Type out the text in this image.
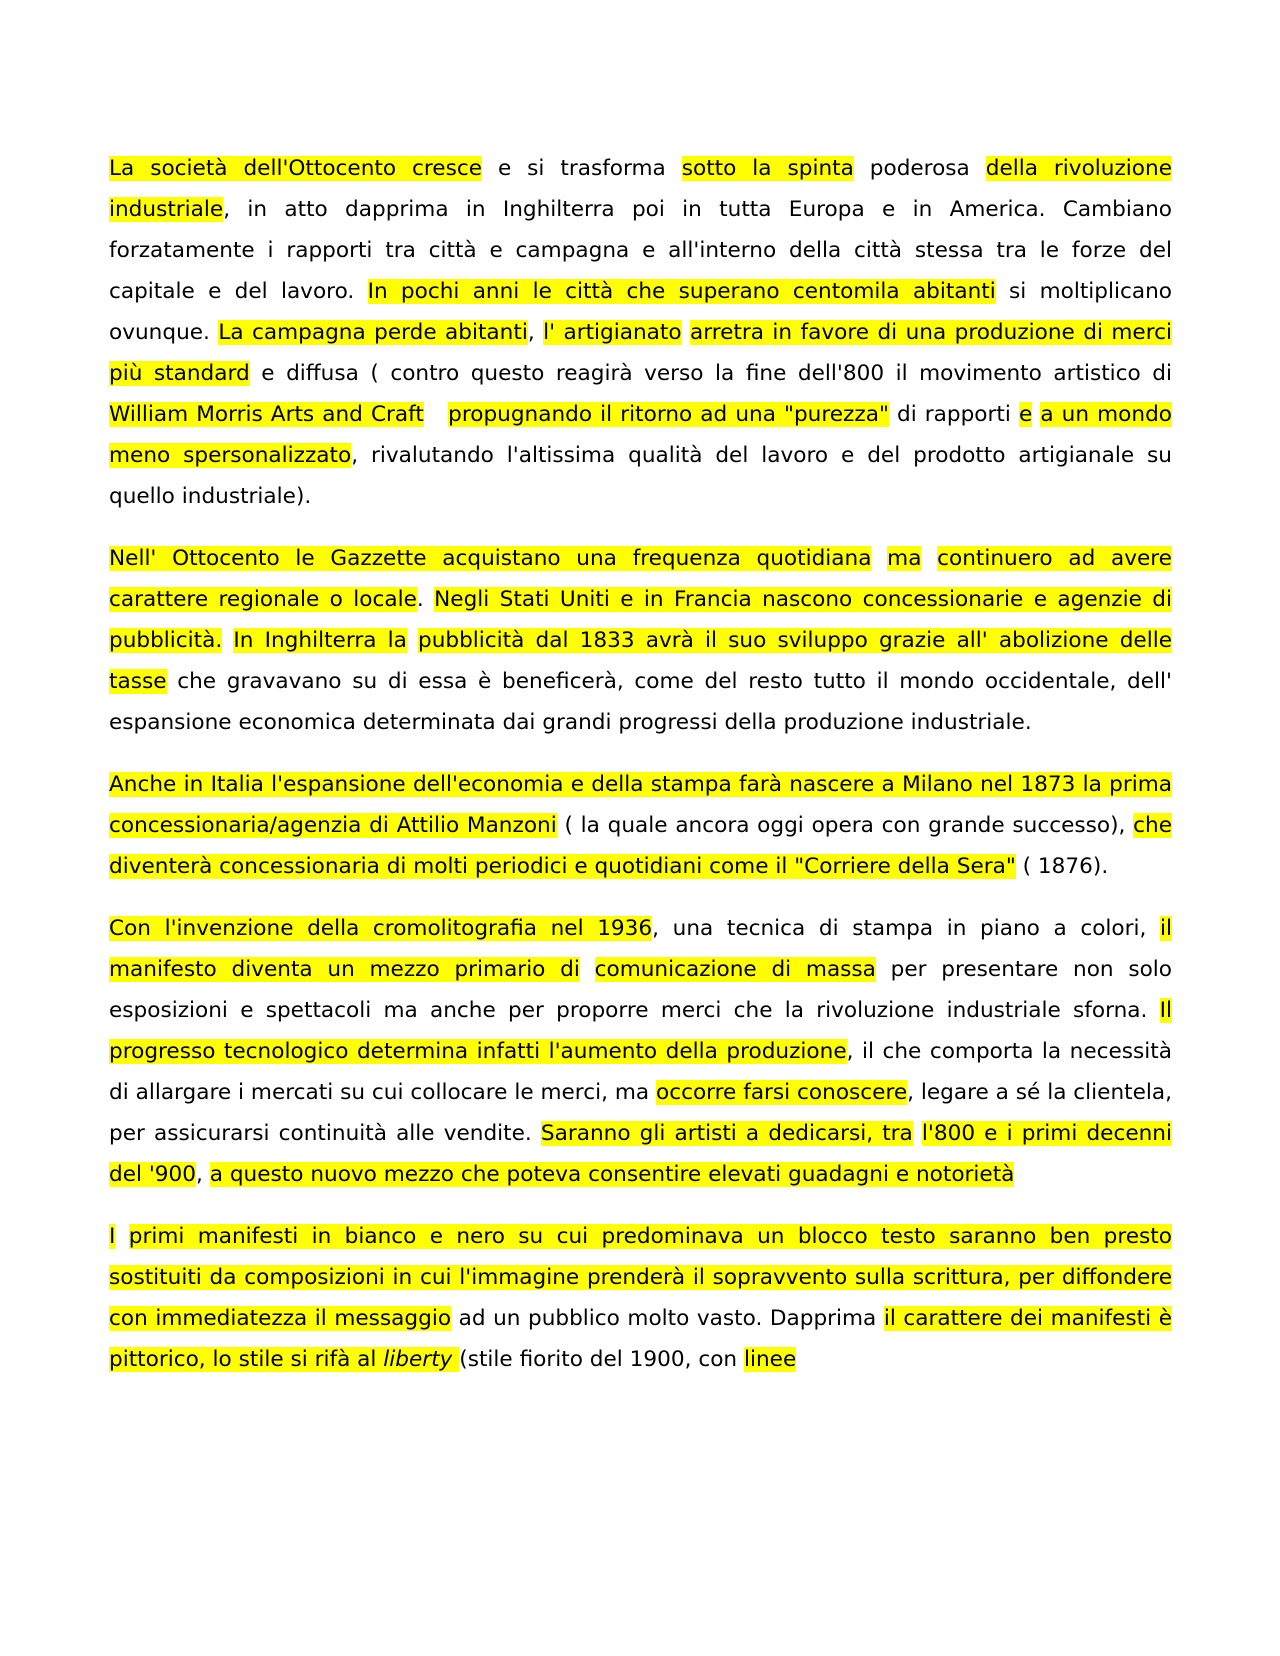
La società dell'Ottocento cresce e si trasforma sotto la spinta poderosa della rivoluzione industriale, in atto dapprima in Inghilterra poi in tutta Europa e in America. Cambiano forzatamente i rapporti tra città e campagna e all'interno della città stessa tra le forze del capitale e del lavoro. In pochi anni le città che superano centomila abitanti si moltiplicano ovunque. La campagna perde abitanti, l' artigianato arretra in favore di una produzione di merci più standard e diffusa ( contro questo reagirà verso la fine dell'800 il movimento artistico di William Morris Arts and Craft propugnando il ritorno ad una "purezza" di rapporti e a un mondo meno spersonalizzato, rivalutando l'altissima qualità del lavoro e del prodotto artigianale su quello industriale).

Nell' Ottocento le Gazzette acquistano una frequenza quotidiana ma continuero ad avere carattere regionale o locale. Negli Stati Uniti e in Francia nascono concessionarie e agenzie di pubblicità. In Inghilterra la pubblicità dal 1833 avrà il suo sviluppo grazie all' abolizione delle tasse che gravavano su di essa è beneficerà, come del resto tutto il mondo occidentale, dell' espansione economica determinata dai grandi progressi della produzione industriale.

Anche in Italia l'espansione dell'economia e della stampa farà nascere a Milano nel 1873 la prima concessionaria/agenzia di Attilio Manzoni ( la quale ancora oggi opera con grande successo), che diventerà concessionaria di molti periodici e quotidiani come il "Corriere della Sera" ( 1876).

Con l'invenzione della cromolitografia nel 1936, una tecnica di stampa in piano a colori, il manifesto diventa un mezzo primario di comunicazione di massa per presentare non solo esposizioni e spettacoli ma anche per proporre merci che la rivoluzione industriale sforna. Il progresso tecnologico determina infatti l'aumento della produzione, il che comporta la necessità di allargare i mercati su cui collocare le merci, ma occorre farsi conoscere, legare a sé la clientela, per assicurarsi continuità alle vendite. Saranno gli artisti a dedicarsi, tra l'800 e i primi decenni del '900, a questo nuovo mezzo che poteva consentire elevati guadagni e notorietà

I primi manifesti in bianco e nero su cui predominava un blocco testo saranno ben presto sostituiti da composizioni in cui l'immagine prenderà il sopravvento sulla scrittura, per diffondere con immediatezza il messaggio ad un pubblico molto vasto. Dapprima il carattere dei manifesti è pittorico, lo stile si rifà al liberty (stile fiorito del 1900, con linee
